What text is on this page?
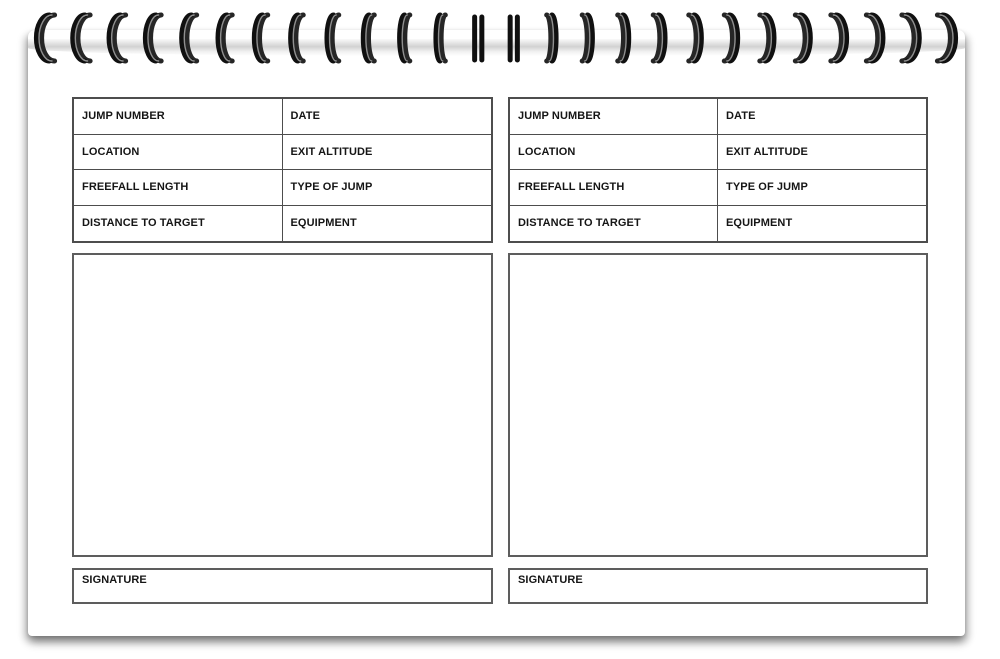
JUMP NUMBER	DATE
LOCATION	EXIT ALTITUDE
FREEFALL LENGTH	TYPE OF JUMP
DISTANCE TO TARGET	EQUIPMENT
SIGNATURE
JUMP NUMBER	DATE
LOCATION	EXIT ALTITUDE
FREEFALL LENGTH	TYPE OF JUMP
DISTANCE TO TARGET	EQUIPMENT
SIGNATURE
